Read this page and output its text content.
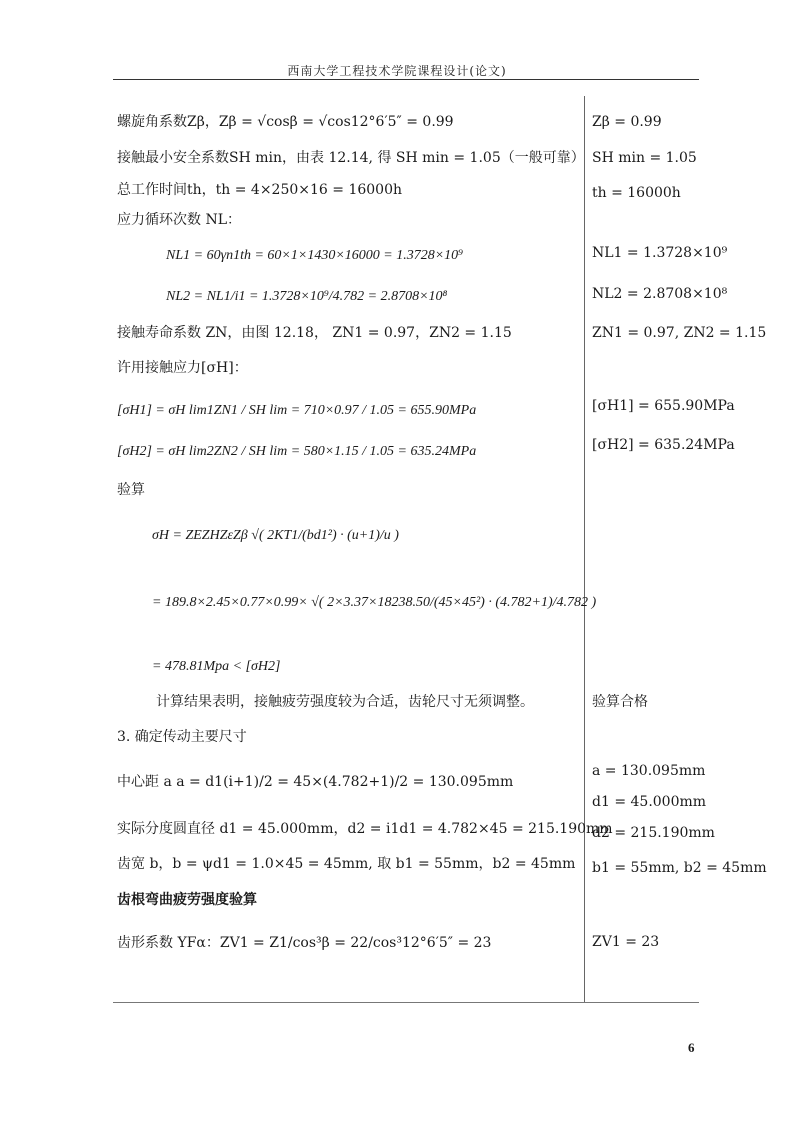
西南大学工程技术学院课程设计(论文)
螺旋角系数Zβ，Zβ = √cosβ = √cos12°6′5″ = 0.99
接触最小安全系数SH min，由表 12.14, 得 SH min = 1.05（一般可靠）
总工作时间th，th = 4×250×16 = 16000h
应力循环次数 NL：
NL1 = 60γn1th = 60×1×1430×16000 = 1.3728×10⁹
NL2 = NL1/i1 = 1.3728×10⁹/4.782 = 2.8708×10⁸
接触寿命系数 ZN，由图 12.18， ZN1 = 0.97，ZN2 = 1.15
许用接触应力[σH]：
[σH1] = σH lim1ZN1 / SH lim = 710×0.97 / 1.05 = 655.90MPa
[σH2] = σH lim2ZN2 / SH lim = 580×1.15 / 1.05 = 635.24MPa
验算
σH = ZEZHZεZβ √( 2KT1/(bd1²) · (u+1)/u )
= 189.8×2.45×0.77×0.99× √( 2×3.37×18238.50/(45×45²) · (4.782+1)/4.782 )
= 478.81Mpa < [σH2]
计算结果表明，接触疲劳强度较为合适，齿轮尺寸无须调整。
3. 确定传动主要尺寸
中心距 a a = d1(i+1)/2 = 45×(4.782+1)/2 = 130.095mm
实际分度圆直径 d1 = 45.000mm，d2 = i1d1 = 4.782×45 = 215.190mm
齿宽 b，b = ψd1 = 1.0×45 = 45mm, 取 b1 = 55mm，b2 = 45mm
齿根弯曲疲劳强度验算
齿形系数 YFα：ZV1 = Z1/cos³β = 22/cos³12°6′5″ = 23
Zβ = 0.99
SH min = 1.05
th = 16000h
NL1 = 1.3728×10⁹
NL2 = 2.8708×10⁸
ZN1 = 0.97, ZN2 = 1.15
[σH1] = 655.90MPa
[σH2] = 635.24MPa
验算合格
a = 130.095mm
d1 = 45.000mm
d2 = 215.190mm
b1 = 55mm, b2 = 45mm
ZV1 = 23
6
